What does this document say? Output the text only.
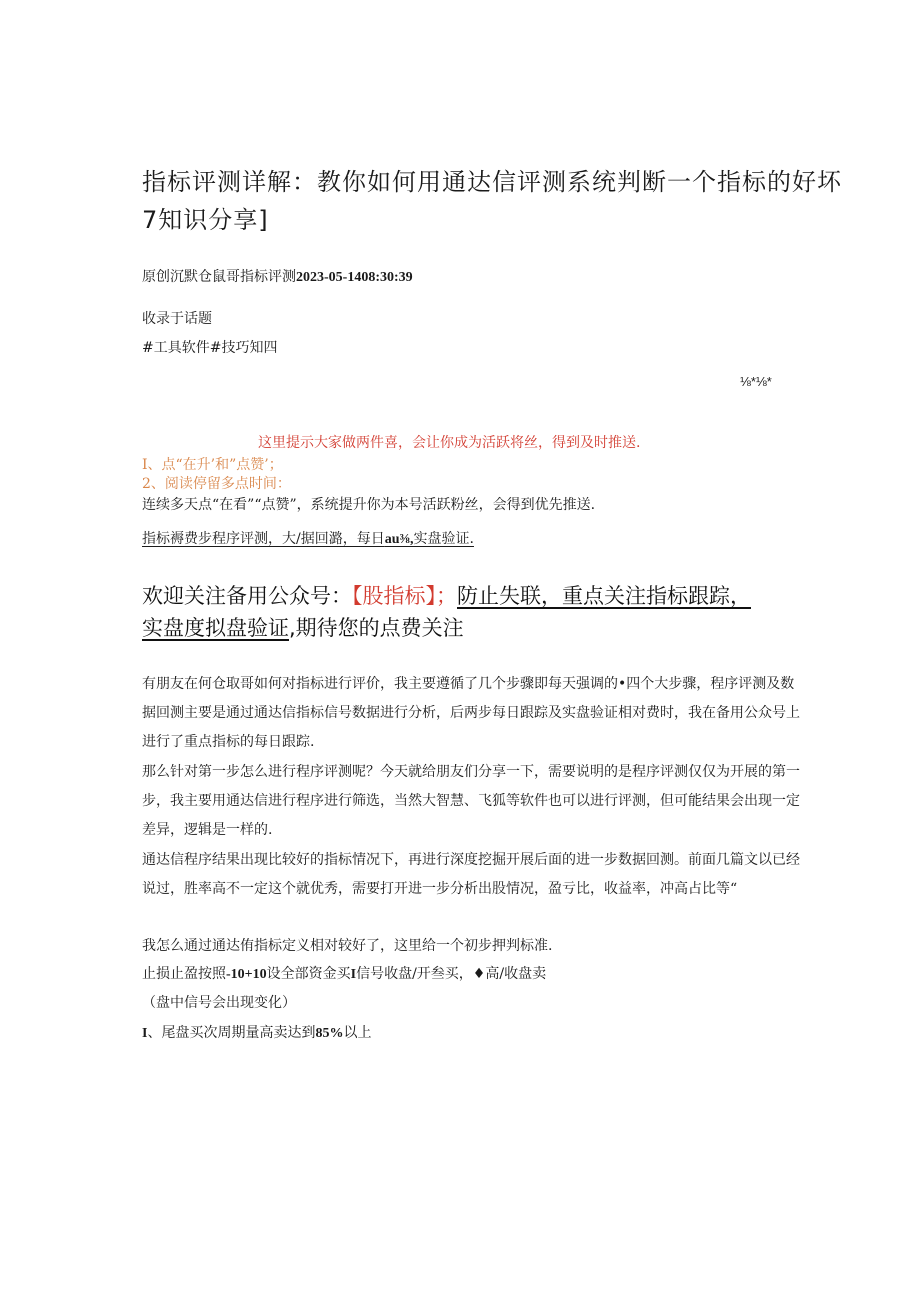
指标评测详解：教你如何用通达信评测系统判断一个指标的好坏
7知识分享]
原创沉默仓鼠哥指标评测2023-05-1408:30:39
收录于话题
#工具软件#技巧知四
⅛*⅛*
这里提示大家做两件喜，会让你成为活跃将丝，得到及时推送.
I、点“在升’和”点赞’；
2、阅读停留多点时间：
连续多天点“在看”“点赞”，系统提升你为本号活跃粉丝，会得到优先推送.
指标褥费步程序评测，大/据回潞，每日au⅜,实盘验证.
欢迎关注备用公众号：【股指标】；防止失联，重点关注指标跟踪，
实盘度拟盘验证,期待您的点费关注
有朋友在何仓取哥如何对指标进行评价，我主要遵循了几个步骤即每天强调的•四个大步骤，程序评测及数据回测主要是通过通达信指标信号数据进行分析，后两步每日跟踪及实盘验证相对费时，我在备用公众号上进行了重点指标的每日跟踪.
那么针对第一步怎么进行程序评测呢？今天就给朋友们分享一下，需要说明的是程序评测仅仅为开展的第一步，我主要用通达信进行程序进行筛选，当然大智慧、飞狐等软件也可以进行评测，但可能结果会出现一定差异，逻辑是一样的.
通达信程序结果出现比较好的指标情况下，再进行深度挖掘开展后面的进一步数据回测。前面几篇文以已经说过，胜率高不一定这个就优秀，需要打开进一步分析出股情况，盈亏比，收益率，冲高占比等“
我怎么通过通达侑指标定义相对较好了，这里给一个初步押判标准.
止损止盈按照-10+10设全部资金买I信号收盘/开叁买，♦高/收盘卖
（盘中信号会出现变化）
I、尾盘买次周期量高卖达到85%以上
